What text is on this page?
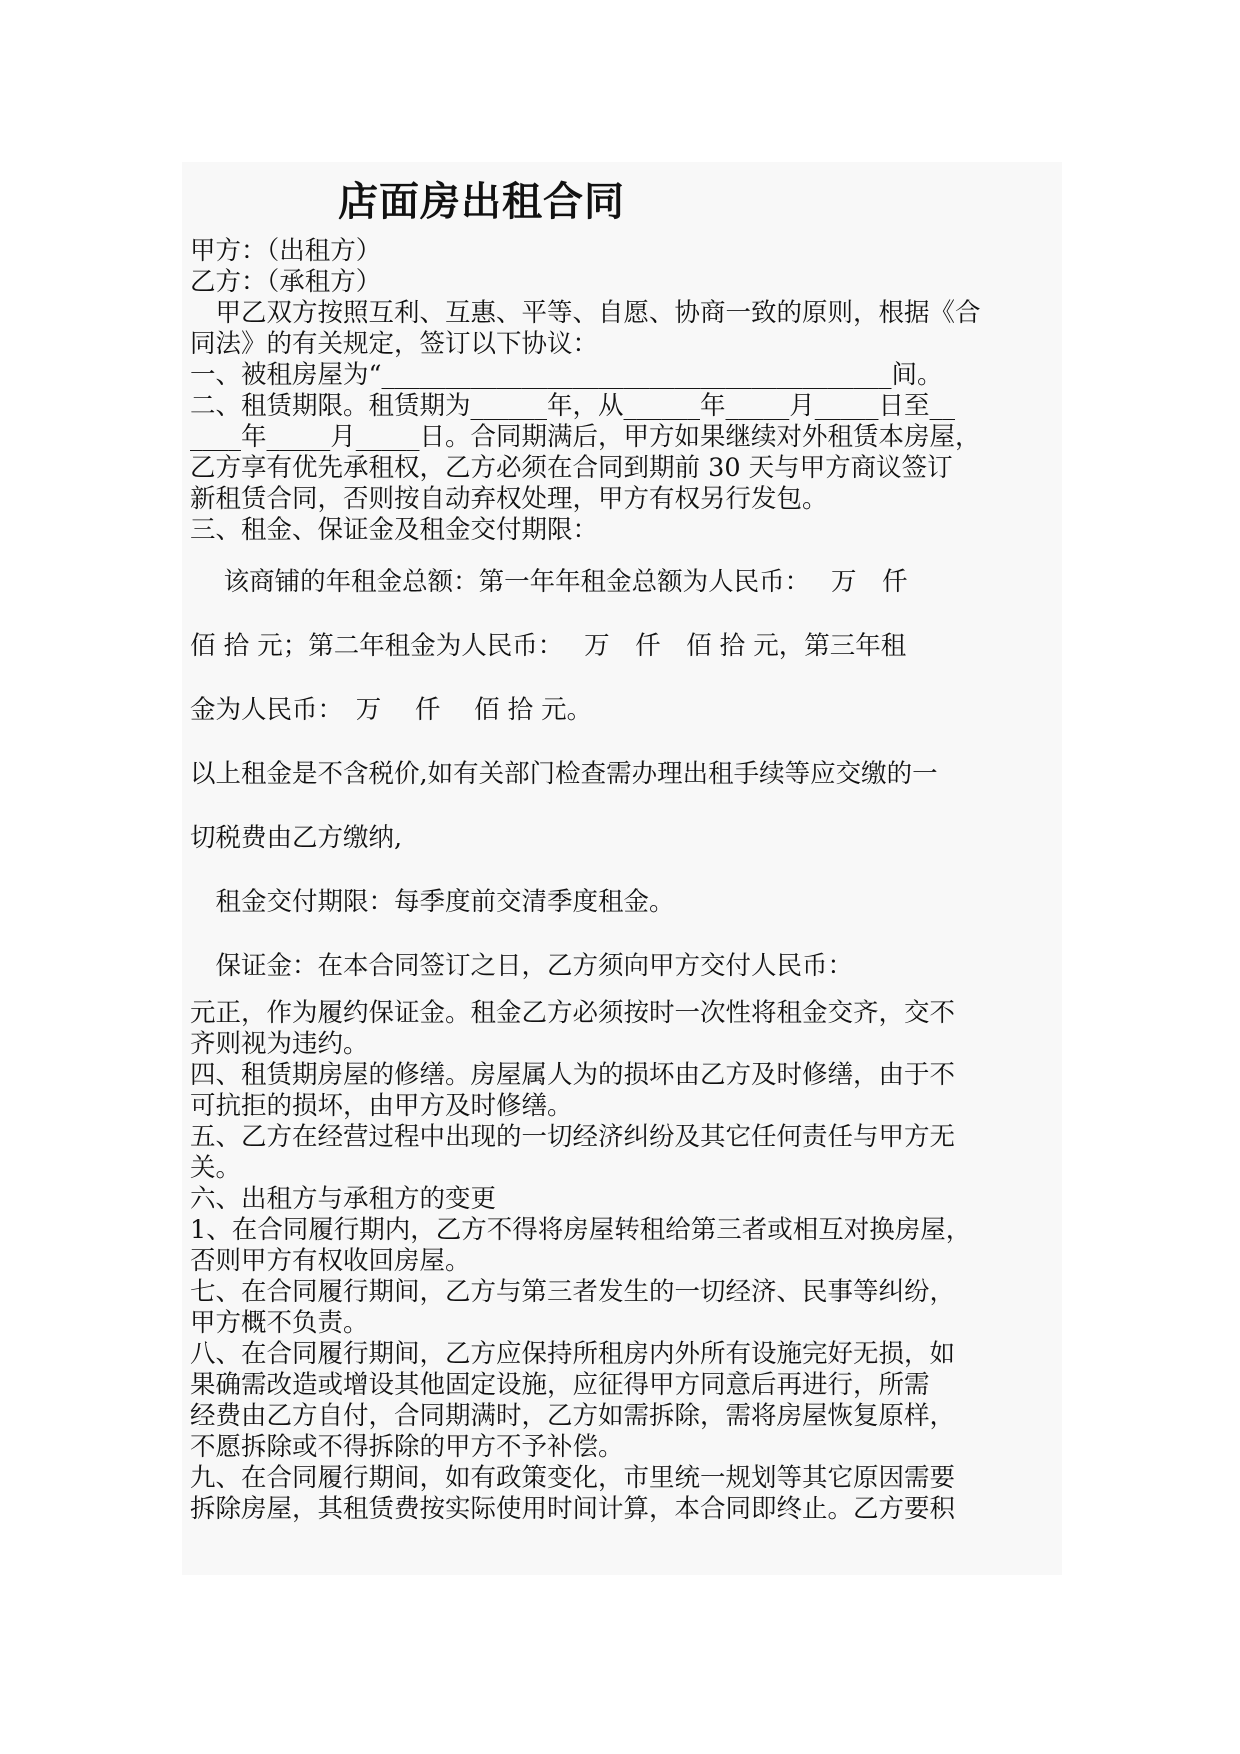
店面房出租合同
甲方：（出租方）
乙方：（承租方）
　甲乙双方按照互利、互惠、平等、自愿、协商一致的原则，根据《合
同法》的有关规定，签订以下协议：
一、被租房屋为“________________________________________间。
二、租赁期限。租赁期为______年，从______年_____月_____日至__
____年_____月_____日。合同期满后，甲方如果继续对外租赁本房屋，
乙方享有优先承租权，乙方必须在合同到期前 30 天与甲方商议签订
新租赁合同，否则按自动弃权处理，甲方有权另行发包。
三、租金、保证金及租金交付期限：
　 该商铺的年租金总额：第一年年租金总额为人民币：　 万　仟
佰 拾 元；第二年租金为人民币：　 万　仟　佰 拾 元，第三年租
金为人民币：　万　 仟　 佰 拾 元。
以上租金是不含税价,如有关部门检查需办理出租手续等应交缴的一
切税费由乙方缴纳,
　租金交付期限：每季度前交清季度租金。
　保证金：在本合同签订之日，乙方须向甲方交付人民币：
元正，作为履约保证金。租金乙方必须按时一次性将租金交齐，交不
齐则视为违约。
四、租赁期房屋的修缮。房屋属人为的损坏由乙方及时修缮，由于不
可抗拒的损坏，由甲方及时修缮。
五、乙方在经营过程中出现的一切经济纠纷及其它任何责任与甲方无
关。
六、出租方与承租方的变更
1、在合同履行期内，乙方不得将房屋转租给第三者或相互对换房屋，
否则甲方有权收回房屋。
七、在合同履行期间，乙方与第三者发生的一切经济、民事等纠纷，
甲方概不负责。
八、在合同履行期间，乙方应保持所租房内外所有设施完好无损，如
果确需改造或增设其他固定设施，应征得甲方同意后再进行，所需
经费由乙方自付，合同期满时，乙方如需拆除，需将房屋恢复原样，
不愿拆除或不得拆除的甲方不予补偿。
九、在合同履行期间，如有政策变化，市里统一规划等其它原因需要
拆除房屋，其租赁费按实际使用时间计算，本合同即终止。乙方要积
